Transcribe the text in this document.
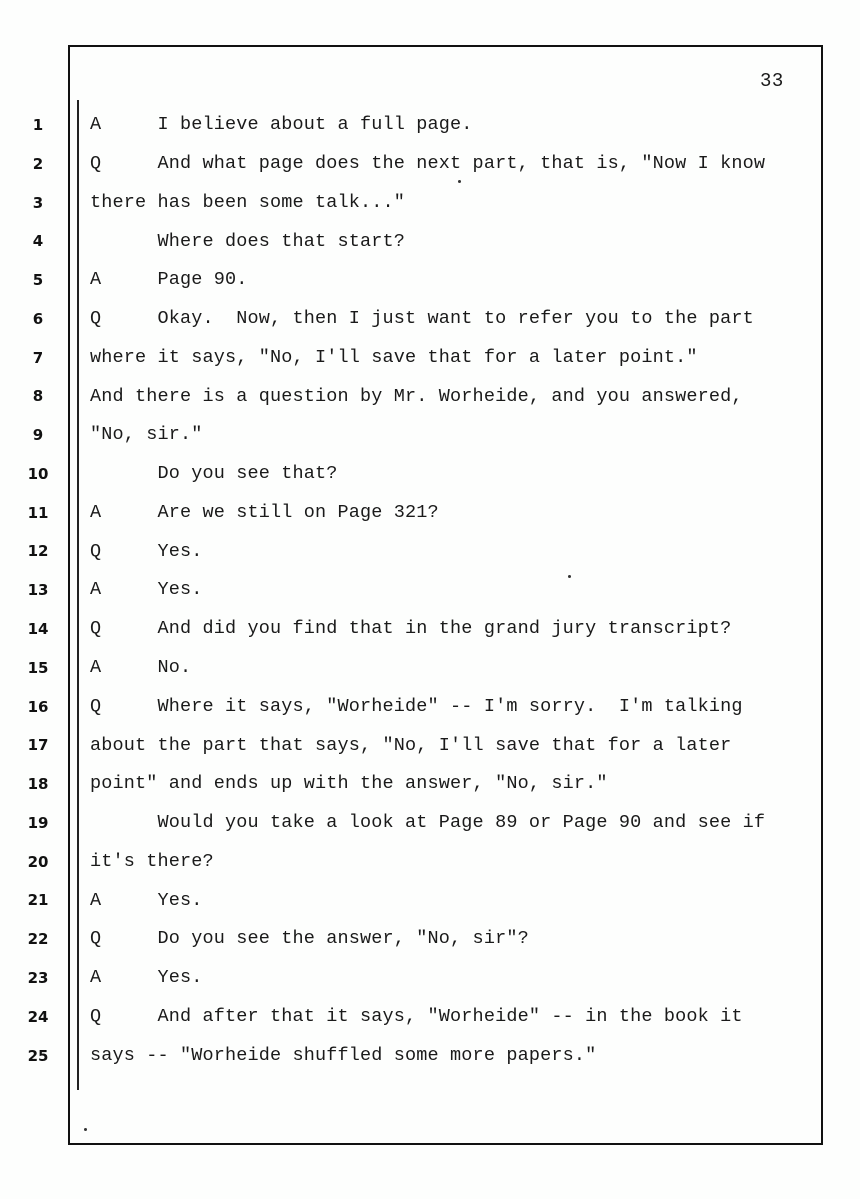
33
1	A     I believe about a full page.
2	Q     And what page does the next part, that is, "Now I know
3	there has been some talk..."
4	Where does that start?
5	A     Page 90.
6	Q     Okay.  Now, then I just want to refer you to the part
7	where it says, "No, I'll save that for a later point."
8	And there is a question by Mr. Worheide, and you answered,
9	"No, sir."
10 Do you see that?
11 A     Are we still on Page 321?
12 Q     Yes.
13 A     Yes.
14 Q     And did you find that in the grand jury transcript?
15 A     No.
16 Q     Where it says, "Worheide" -- I'm sorry.  I'm talking
17 about the part that says, "No, I'll save that for a later
18 point" and ends up with the answer, "No, sir."
19 Would you take a look at Page 89 or Page 90 and see if
20 it's there?
21 A     Yes.
22 Q     Do you see the answer, "No, sir"?
23 A     Yes.
24 Q     And after that it says, "Worheide" -- in the book it
25 says -- "Worheide shuffled some more papers."
